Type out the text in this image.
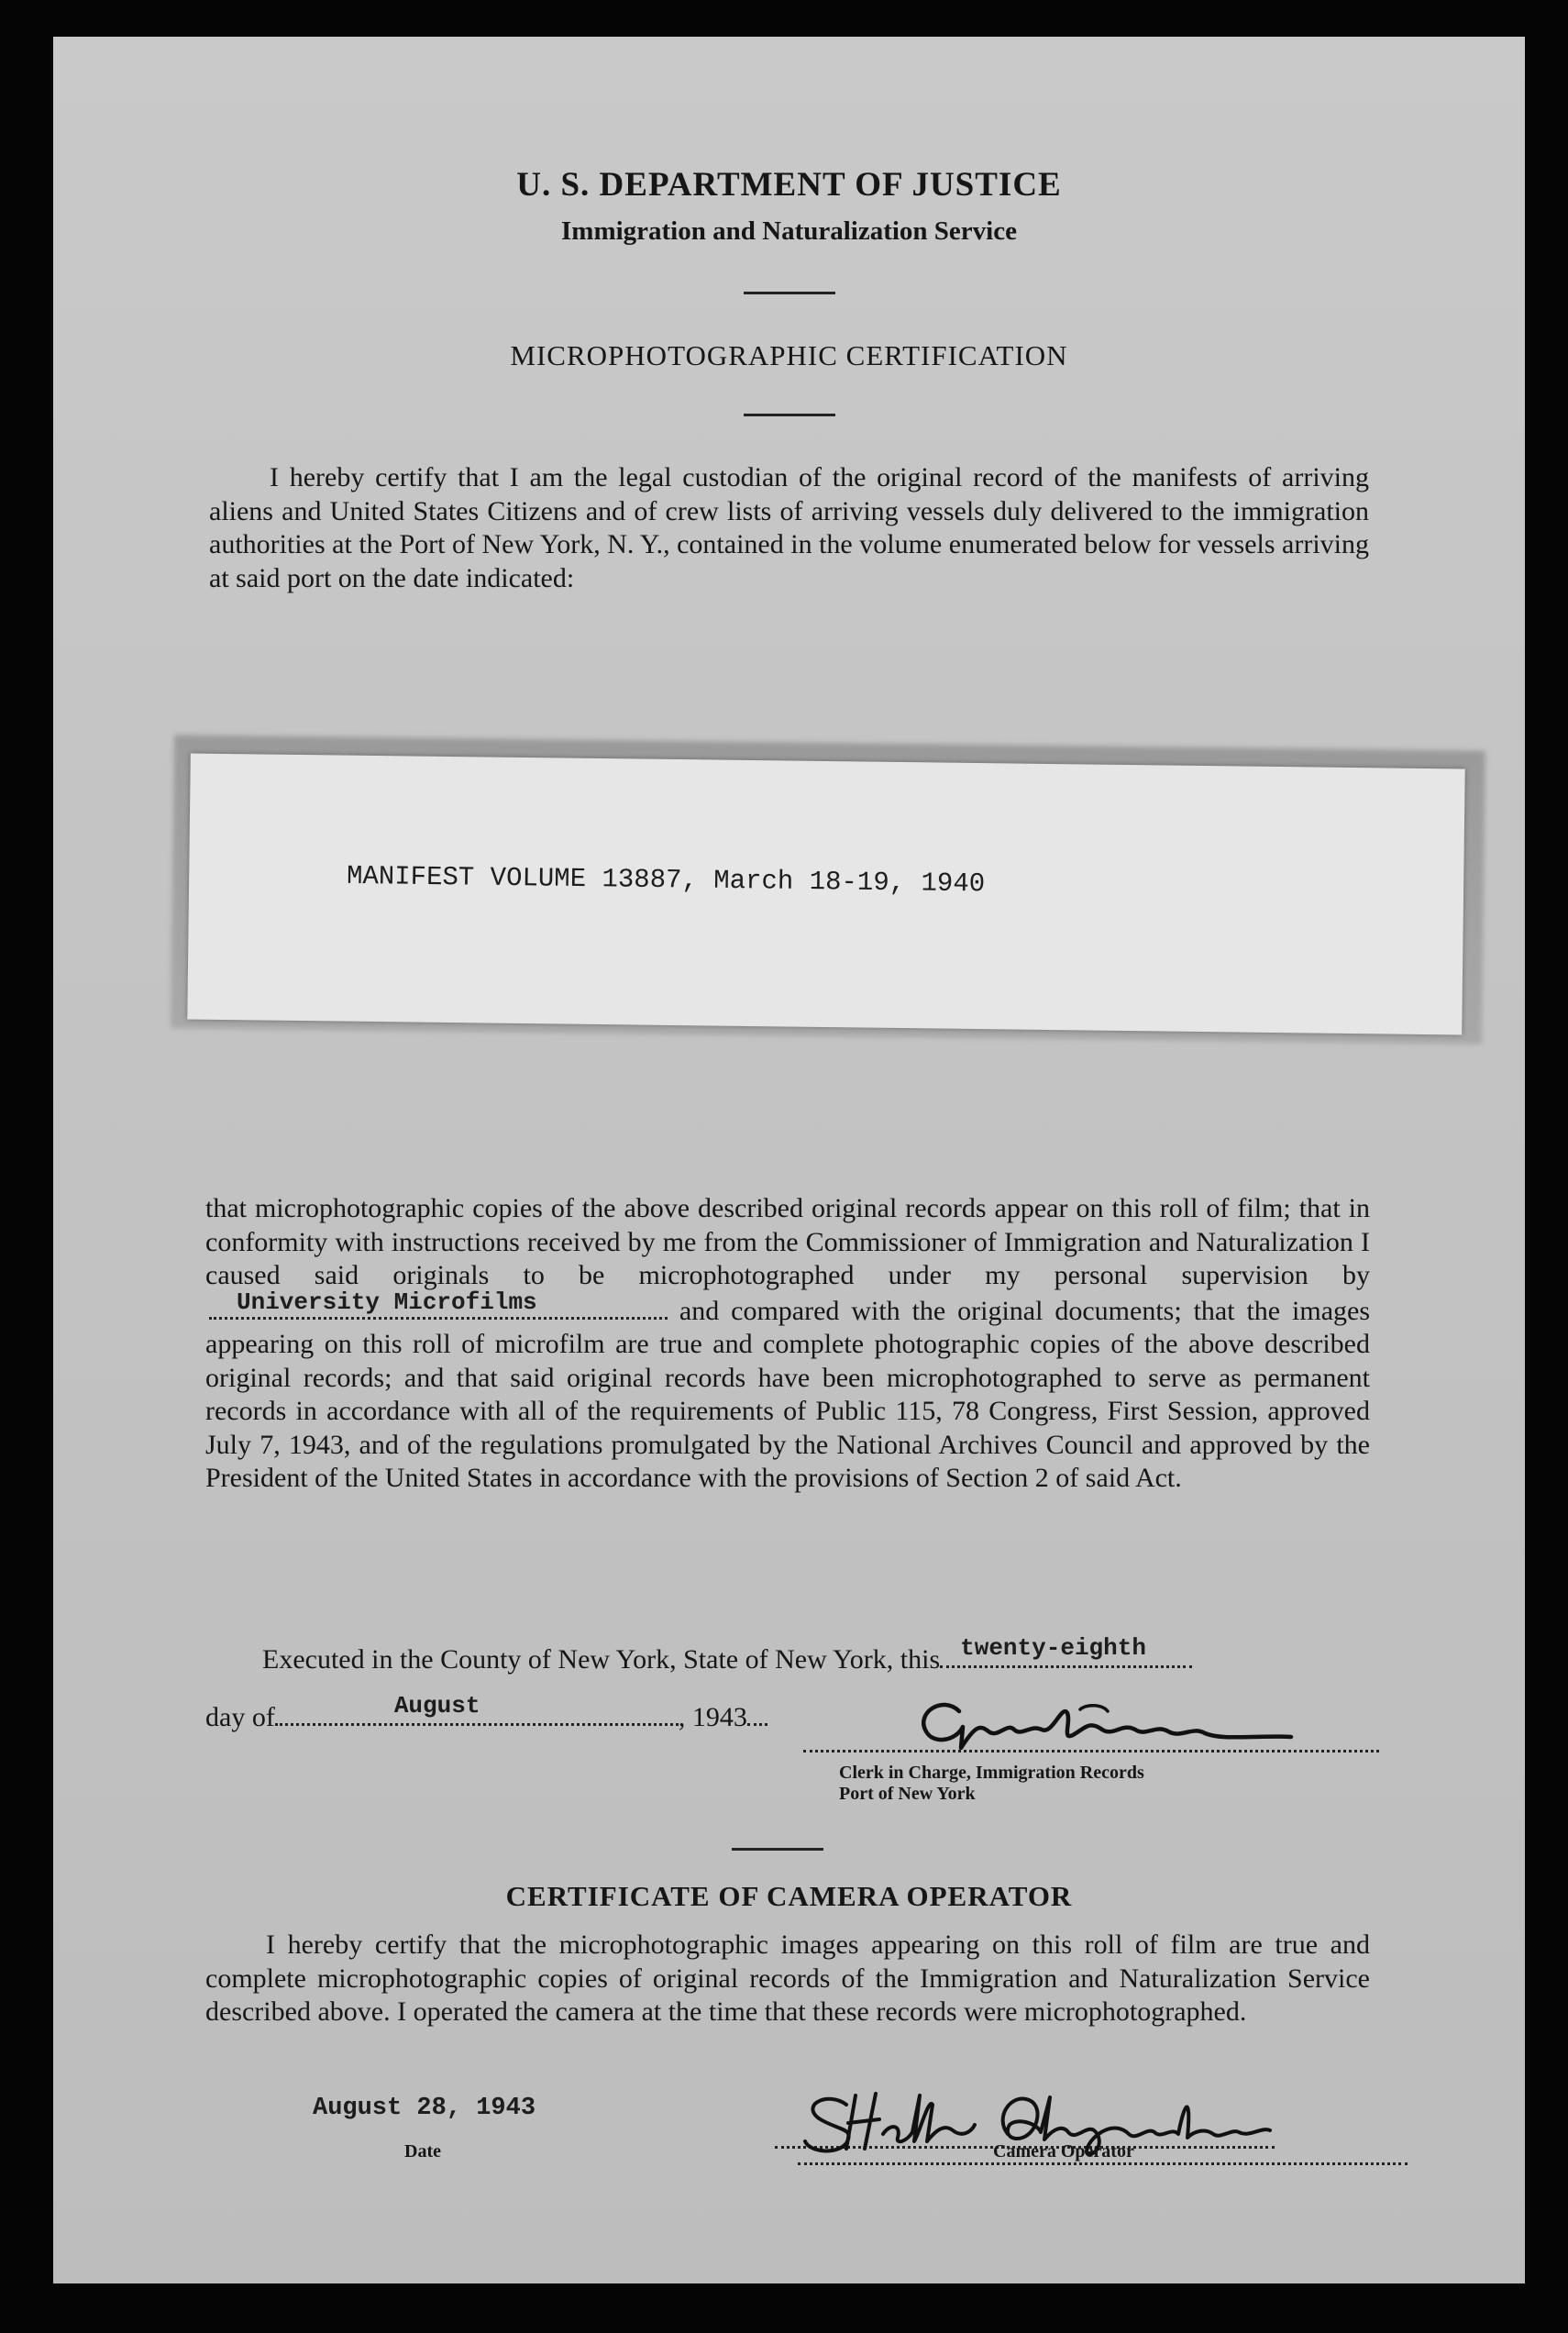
U. S. DEPARTMENT OF JUSTICE
Immigration and Naturalization Service
MICROPHOTOGRAPHIC CERTIFICATION
I hereby certify that I am the legal custodian of the original record of the manifests of arriving aliens and United States Citizens and of crew lists of arriving vessels duly delivered to the immigration authorities at the Port of New York, N. Y., contained in the volume enumerated below for vessels arriving at said port on the date indicated:
MANIFEST VOLUME 13887, March 18-19, 1940
that microphotographic copies of the above described original records appear on this roll of film; that in conformity with instructions received by me from the Commissioner of Immigration and Naturalization I caused said originals to be microphotographed under my personal supervision by
University Microfilms	and compared with the original documents; that the images appearing on this roll of microfilm are true and complete photographic copies of the above described original records; and that said original records have been microphotographed to serve as permanent records in accordance with all of the requirements of Public 115, 78 Congress, First Session, approved July 7, 1943, and of the regulations promulgated by the National Archives Council and approved by the President of the United States in accordance with the provisions of Section 2 of said Act.
Executed in the County of New York, State of New York, this twenty-eighth
day of	August	, 1943

Clerk in Charge, Immigration Records
Port of New York
CERTIFICATE OF CAMERA OPERATOR
I hereby certify that the microphotographic images appearing on this roll of film are true and complete microphotographic copies of original records of the Immigration and Naturalization Service described above. I operated the camera at the time that these records were microphotographed.

August 28, 1943
Date	Camera Operator
